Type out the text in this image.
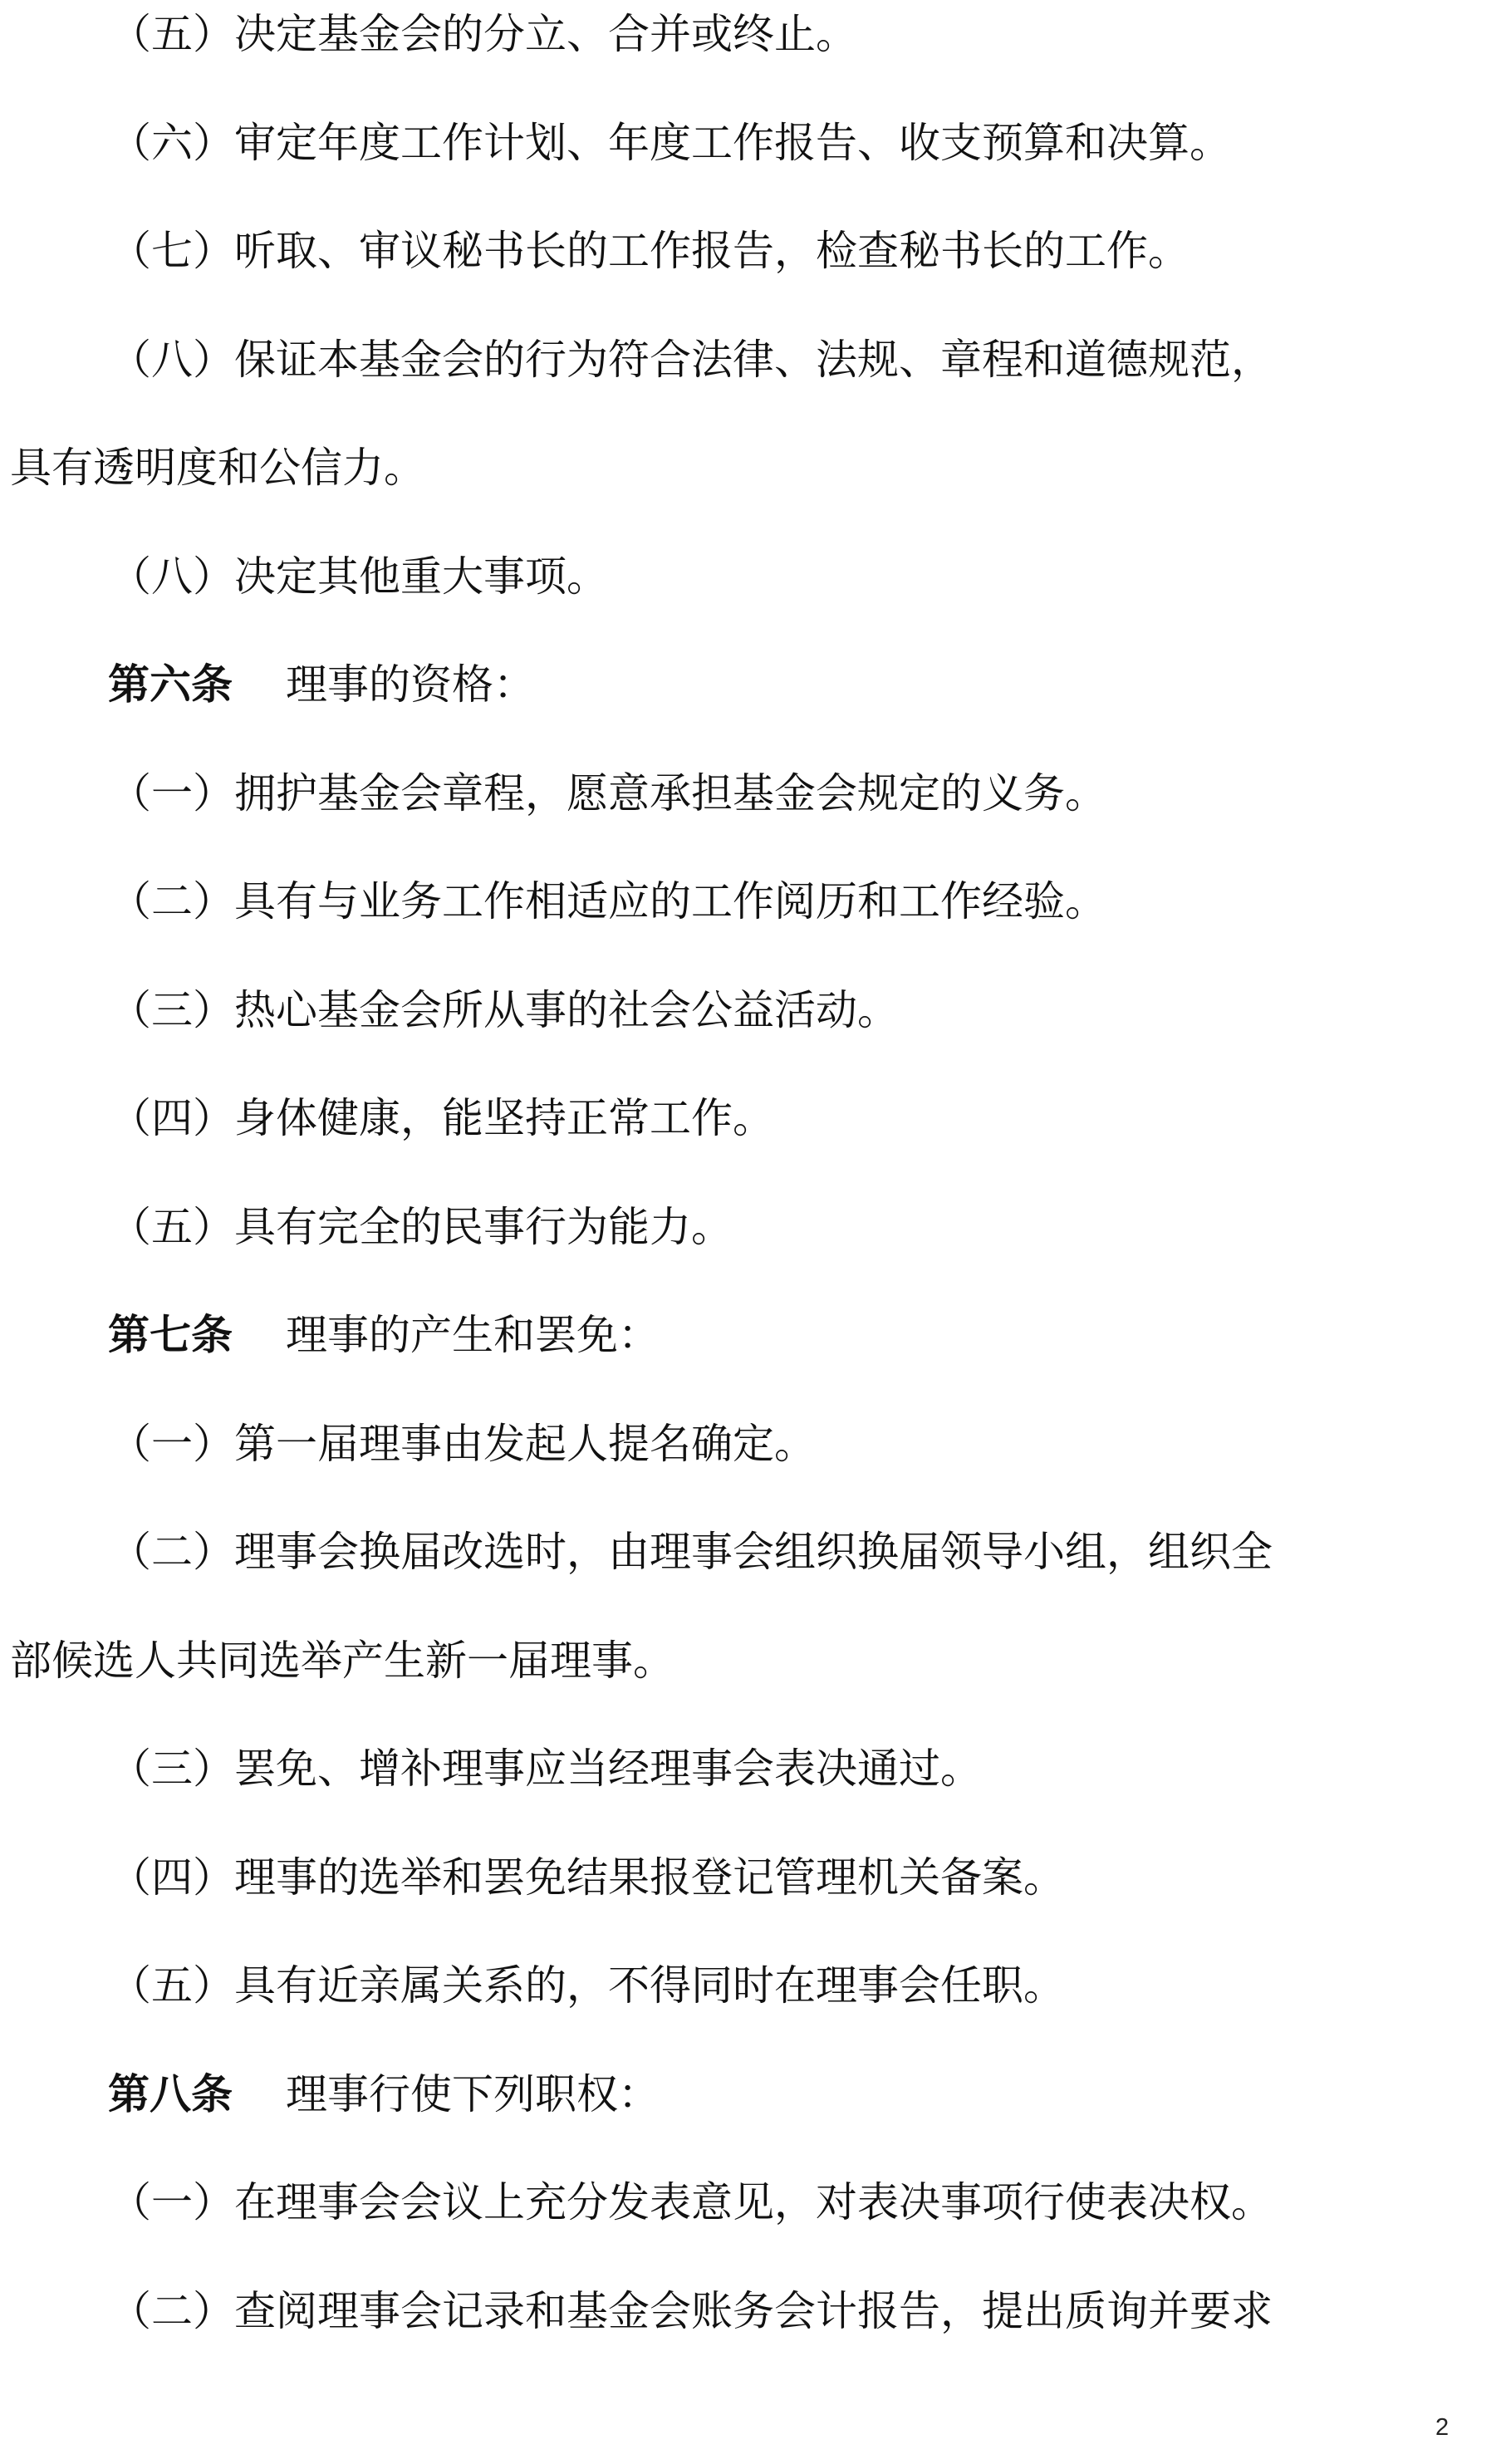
（五）决定基金会的分立、合并或终止。
（六）审定年度工作计划、年度工作报告、收支预算和决算。
（七）听取、审议秘书长的工作报告，检查秘书长的工作。
（八）保证本基金会的行为符合法律、法规、章程和道德规范，
具有透明度和公信力。
（八）决定其他重大事项。
第六条 理事的资格：
（一）拥护基金会章程，愿意承担基金会规定的义务。
（二）具有与业务工作相适应的工作阅历和工作经验。
（三）热心基金会所从事的社会公益活动。
（四）身体健康，能坚持正常工作。
（五）具有完全的民事行为能力。
第七条 理事的产生和罢免：
（一）第一届理事由发起人提名确定。
（二）理事会换届改选时，由理事会组织换届领导小组，组织全
部候选人共同选举产生新一届理事。
（三）罢免、增补理事应当经理事会表决通过。
（四）理事的选举和罢免结果报登记管理机关备案。
（五）具有近亲属关系的，不得同时在理事会任职。
第八条 理事行使下列职权：
（一）在理事会会议上充分发表意见，对表决事项行使表决权。
（二）查阅理事会记录和基金会账务会计报告，提出质询并要求
2
